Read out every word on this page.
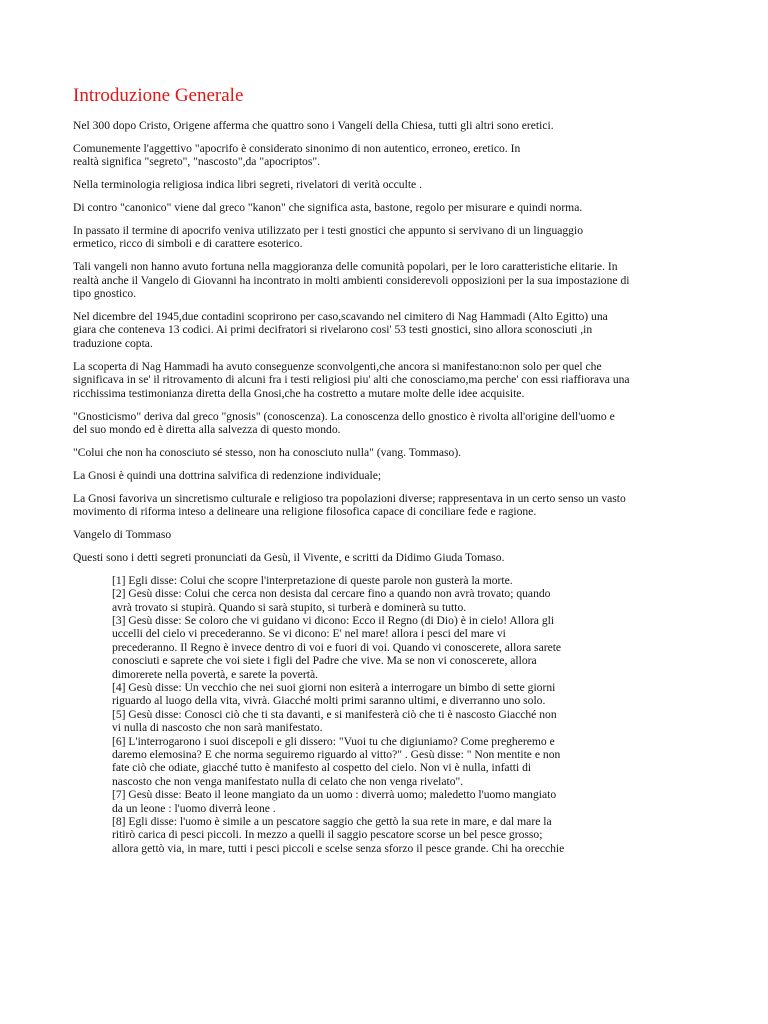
Introduzione Generale

Nel 300 dopo Cristo, Origene afferma che quattro sono i Vangeli della Chiesa, tutti gli altri sono eretici.

Comunemente l'aggettivo "apocrifo è considerato sinonimo di non autentico, erroneo, eretico. In
realtà significa "segreto", "nascosto",da "apocriptos".

Nella terminologia religiosa indica libri segreti, rivelatori di verità occulte .

Di contro "canonico" viene dal greco "kanon" che significa asta, bastone, regolo per misurare e quindi norma.

In passato il termine di apocrifo veniva utilizzato per i testi gnostici che appunto si servivano di un linguaggio
ermetico, ricco di simboli e di carattere esoterico.

Tali vangeli non hanno avuto fortuna nella maggioranza delle comunità popolari, per le loro caratteristiche elitarie. In
realtà anche il Vangelo di Giovanni ha incontrato in molti ambienti considerevoli opposizioni per la sua impostazione di
tipo gnostico.

Nel dicembre del 1945,due contadini scoprirono per caso,scavando nel cimitero di Nag Hammadi (Alto Egitto) una
giara che conteneva 13 codici. Ai primi decifratori si rivelarono cosi' 53 testi gnostici, sino allora sconosciuti ,in
traduzione copta.

La scoperta di Nag Hammadi ha avuto conseguenze sconvolgenti,che ancora si manifestano:non solo per quel che
significava in se' il ritrovamento di alcuni fra i testi religiosi piu' alti che conosciamo,ma perche' con essi riaffiorava una
ricchissima testimonianza diretta della Gnosi,che ha costretto a mutare molte delle idee acquisite.

"Gnosticismo" deriva dal greco "gnosis" (conoscenza). La conoscenza dello gnostico è rivolta all'origine dell'uomo e
del suo mondo ed è diretta alla salvezza di questo mondo.

"Colui che non ha conosciuto sé stesso, non ha conosciuto nulla" (vang. Tommaso).

La Gnosi è quindi una dottrina salvifica di redenzione individuale;

La Gnosi favoriva un sincretismo culturale e religioso tra popolazioni diverse; rappresentava in un certo senso un vasto
movimento di riforma inteso a delineare una religione filosofica capace di conciliare fede e ragione.

Vangelo di Tommaso

Questi sono i detti segreti pronunciati da Gesù, il Vivente, e scritti da Didimo Giuda Tomaso.

[1] Egli disse: Colui che scopre l'interpretazione di queste parole non gusterà la morte.

[2] Gesù disse: Colui che cerca non desista dal cercare fino a quando non avrà trovato; quando
avrà trovato si stupirà. Quando si sarà stupito, si turberà e dominerà su tutto.

[3] Gesù disse: Se coloro che vi guidano vi dicono: Ecco il Regno (di Dio) è in cielo! Allora gli
uccelli del cielo vi precederanno. Se vi dicono: E' nel mare! allora i pesci del mare vi
precederanno. Il Regno è invece dentro di voi e fuori di voi. Quando vi conoscerete, allora sarete
conosciuti e saprete che voi siete i figli del Padre che vive. Ma se non vi conoscerete, allora
dimorerete nella povertà, e sarete la povertà.

[4] Gesù disse: Un vecchio che nei suoi giorni non esiterà a interrogare un bimbo di sette giorni
riguardo al luogo della vita, vivrà. Giacché molti primi saranno ultimi, e diverranno uno solo.

[5] Gesù disse: Conosci ciò che ti sta davanti, e si manifesterà ciò che ti è nascosto Giacché non
vi nulla di nascosto che non sarà manifestato.

[6] L'interrogarono i suoi discepoli e gli dissero: "Vuoi tu che digiuniamo? Come pregheremo e
daremo elemosina? E che norma seguiremo riguardo al vitto?" . Gesù disse: " Non mentite e non
fate ciò che odiate, giacché tutto è manifesto al cospetto del cielo. Non vi è nulla, infatti di
nascosto che non venga manifestato nulla di celato che non venga rivelato".

[7] Gesù disse: Beato il leone mangiato da un uomo : diverrà uomo; maledetto l'uomo mangiato
da un leone : l'uomo diverrà leone .

[8] Egli disse: l'uomo è simile a un pescatore saggio che gettò la sua rete in mare, e dal mare la
ritirò carica di pesci piccoli. In mezzo a quelli il saggio pescatore scorse un bel pesce grosso;
allora gettò via, in mare, tutti i pesci piccoli e scelse senza sforzo il pesce grande. Chi ha orecchie
